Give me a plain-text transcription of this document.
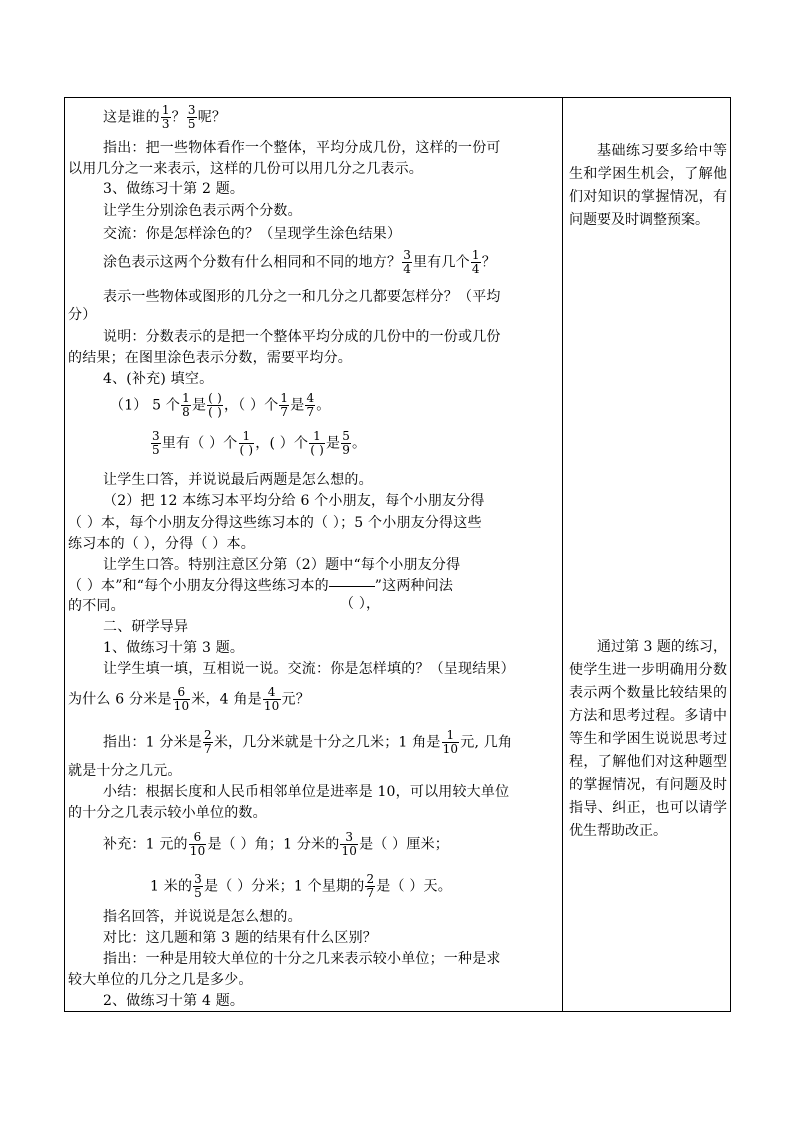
这是谁的 $\frac{1}{3}$ ？ $\frac{3}{5}$ 呢？
指出：把一些物体看作一个整体，平均分成几份，这样的一份可
以用几分之一来表示，这样的几份可以用几分之几表示。
3、做练习十第 2 题。
让学生分别涂色表示两个分数。
交流：你是怎样涂色的？（呈现学生涂色结果）
涂色表示这两个分数有什么相同和不同的地方？ $\frac{3}{4}$ 里有几个 $\frac{1}{4}$ ？
表示一些物体或图形的几分之一和几分之几都要怎样分？（平均
分）
说明：分数表示的是把一个整体平均分成的几份中的一份或几份
的结果；在图里涂色表示分数，需要平均分。
4、(补充) 填空。
（1） 5 个 $\frac{1}{8}$ 是 ( )
( ) ，（ ）个 $\frac{1}{7}$ 是 $\frac{4}{7}$ 。
$\frac{3}{5}$ 里有（ ）个 1
( ) ，( ）个 1
( ) 是 $\frac{5}{9}$ 。
让学生口答，并说说最后两题是怎么想的。
（2）把 12 本练习本平均分给 6 个小朋友，每个小朋友分得
（ ）本，每个小朋友分得这些练习本的（ ）；5 个小朋友分得这些
练习本的（ ），分得（ ）本。
让学生口答。特别注意区分第（2）题中“每个小朋友分得
（ ）本”和“每个小朋友分得这些练习本的	”这两种问法
的不同。	（ ），
二、研学导异
1、做练习十第 3 题。
让学生填一填，互相说一说。交流：你是怎样填的？（呈现结果）
为什么 6 分米是 $\frac{6}{10}$ 米，4 角是 $\frac{4}{10}$ 元？
指出：1 分米是 $\frac{2}{7}$ 米，几分米就是十分之几米；1 角是 $\frac{1}{10}$ 元, 几角
就是十分之几元。
小结：根据长度和人民币相邻单位是进率是 10，可以用较大单位
的十分之几表示较小单位的数。
补充：1 元的 $\frac{6}{10}$ 是（ ）角；1 分米的 $\frac{3}{10}$ 是（ ）厘米；
1 米的 $\frac{3}{5}$ 是（ ）分米；1 个星期的 $\frac{2}{7}$ 是（ ）天。
指名回答，并说说是怎么想的。
对比：这几题和第 3 题的结果有什么区别？
指出：一种是用较大单位的十分之几来表示较小单位；一种是求
较大单位的几分之几是多少。
2、做练习十第 4 题。

基础练习要多给中等生和学困生机会，了解他们对知识的掌握情况，有问题要及时调整预案。

通过第 3 题的练习，使学生进一步明确用分数表示两个数量比较结果的方法和思考过程。多请中等生和学困生说说思考过程，了解他们对这种题型的掌握情况，有问题及时指导、纠正，也可以请学优生帮助改正。
